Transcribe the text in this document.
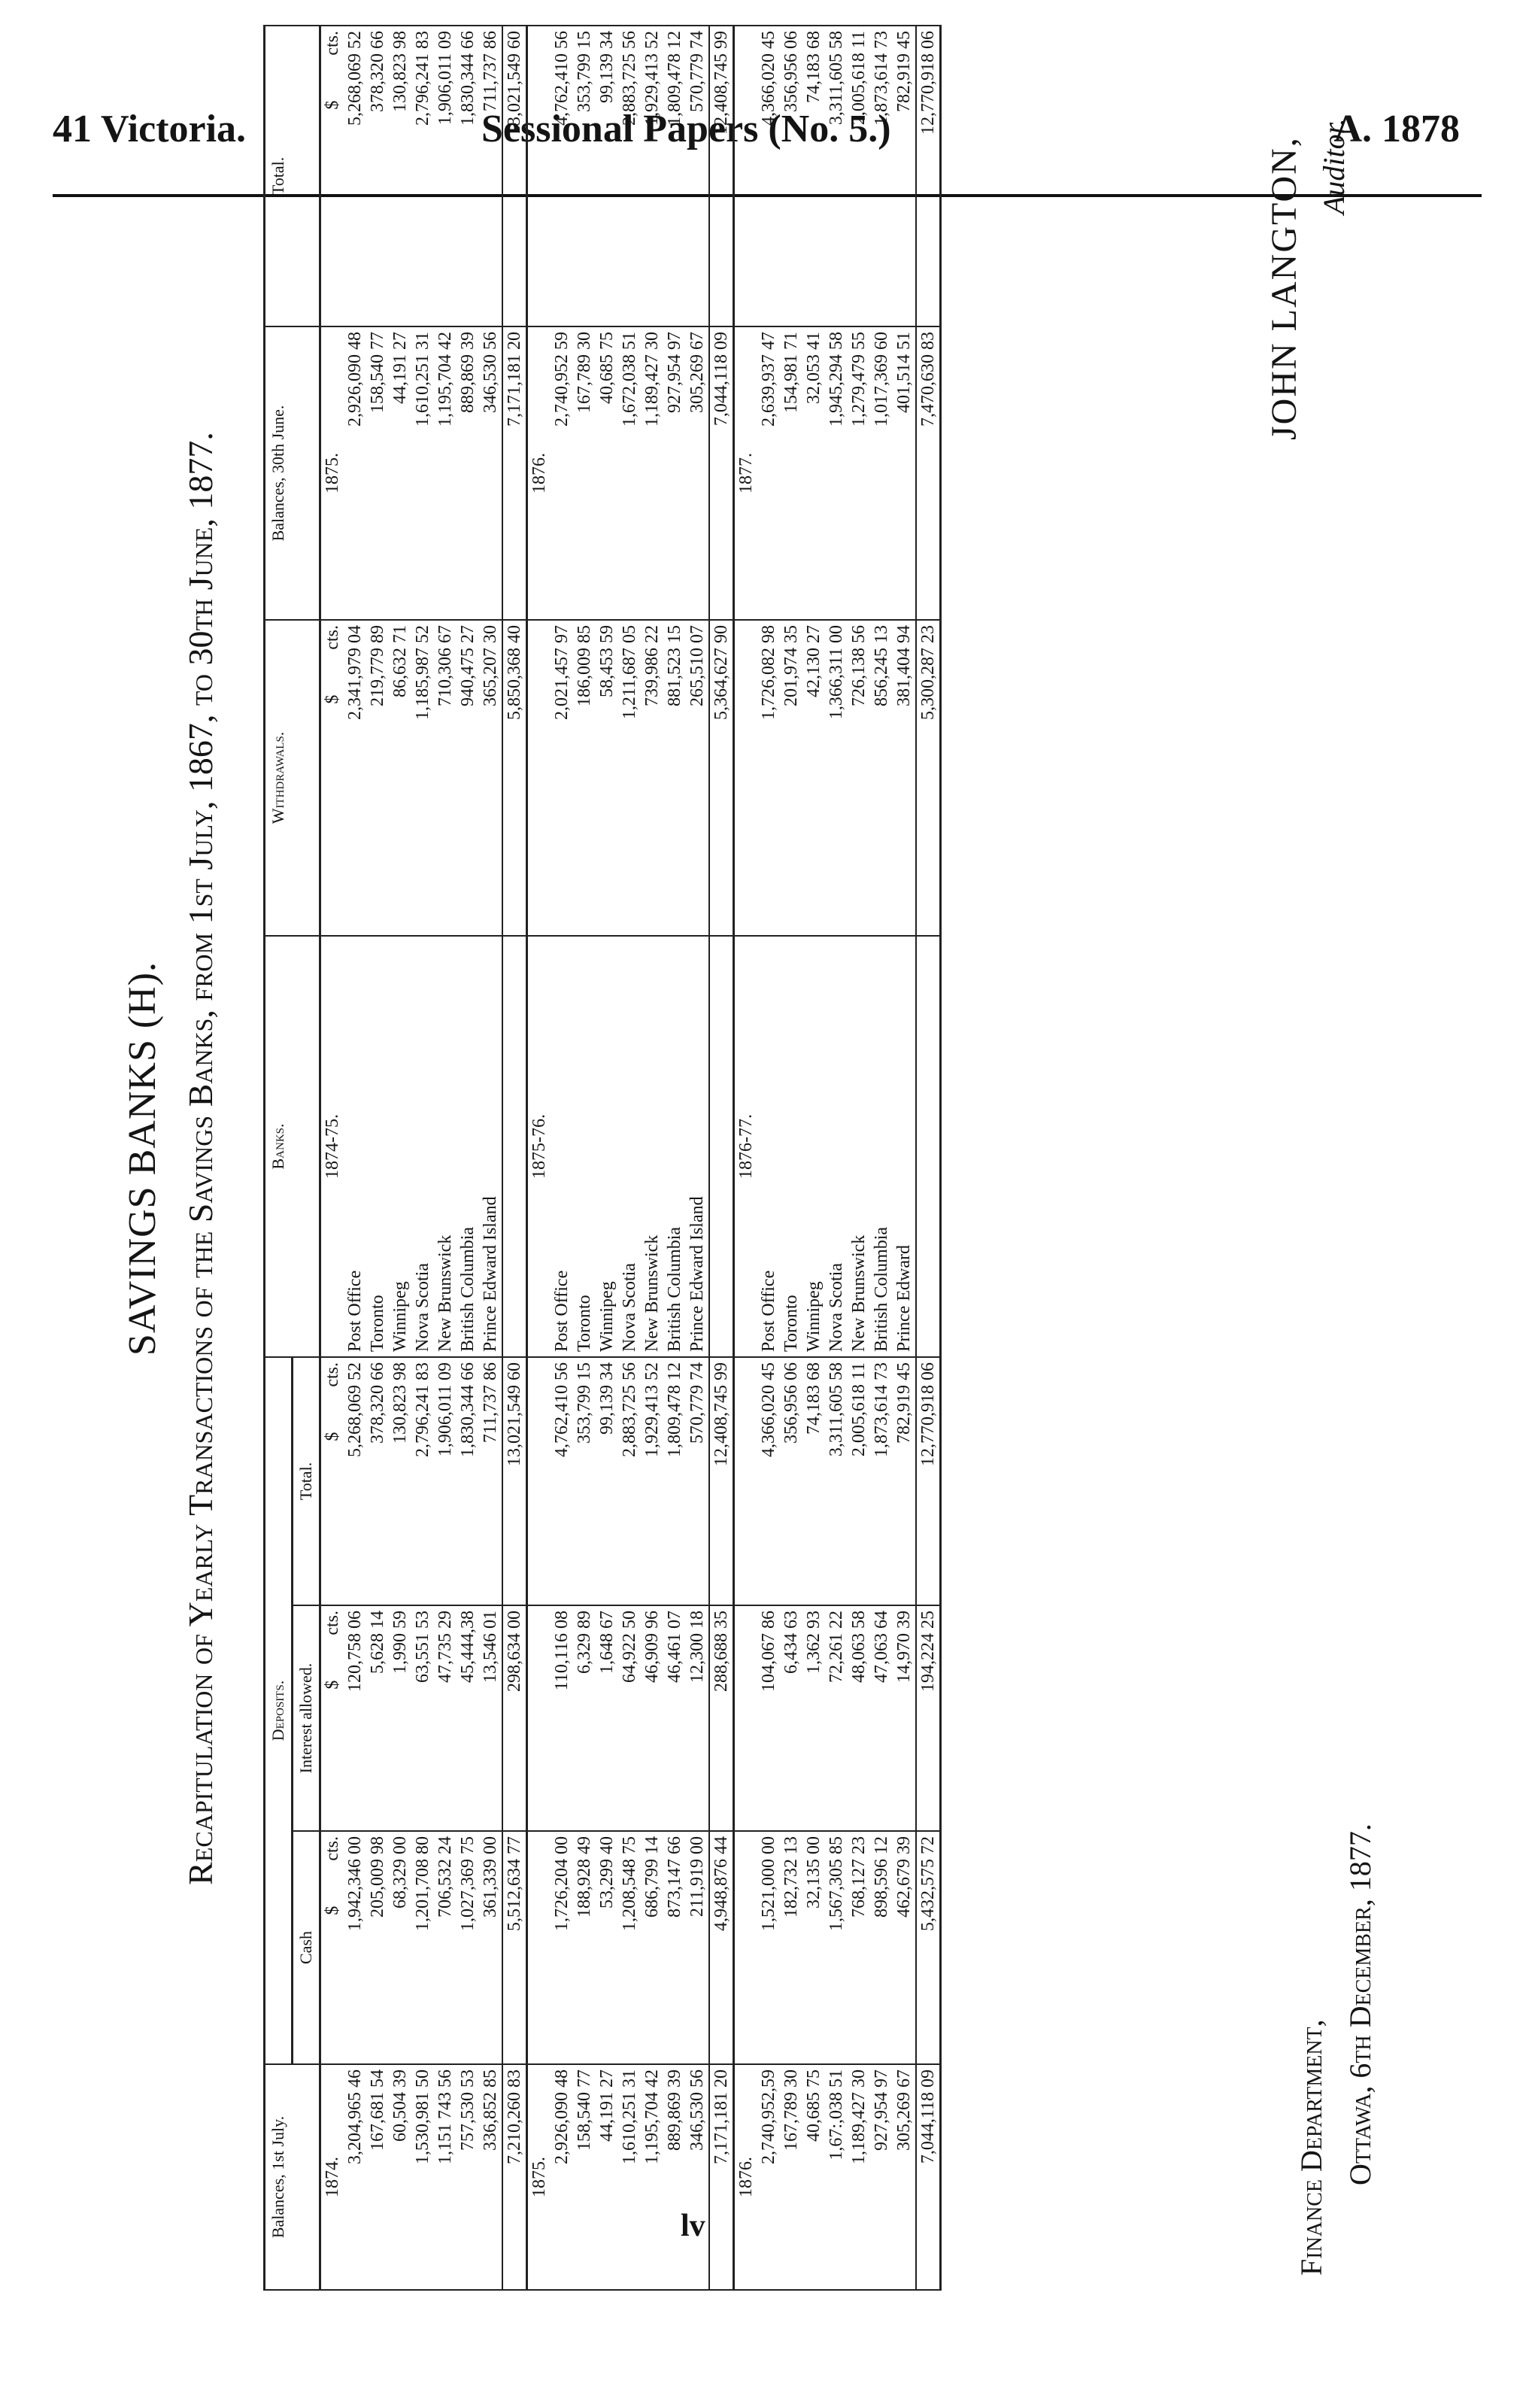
41 Victoria.	Sessional Papers (No. 5.)	A. 1878
SAVINGS BANKS (H). Recapitulation of Yearly Transactions of the Savings Banks, from 1st July, 1867, to 30th June, 1877.
Balances, 1st July.	Deposits.			Banks.	Withdrawals.	Balances, 30th June.	Total.
	Cash	Interest allowed.	Total.				
1874.	$cts.	$cts.	$cts.	1874-75.	$cts.	1875.	$cts.
3,204,965 46	1,942,346 00	120,758 06	5,268,069 52	Post Office	2,341,979 04	2,926,090 48	5,268,069 52
167,681 54	205,009 98	5,628 14	378,320 66	Toronto	219,779 89	158,540 77	378,320 66
60,504 39	68,329 00	1,990 59	130,823 98	Winnipeg	86,632 71	44,191 27	130,823 98
1,530,981 50	1,201,708 80	63,551 53	2,796,241 83	Nova Scotia	1,185,987 52	1,610,251 31	2,796,241 83
1,151 743 56	706,532 24	47,735 29	1,906,011 09	New Brunswick	710,306 67	1,195,704 42	1,906,011 09
757,530 53	1,027,369 75	45,444,38	1,830,344 66	British Columbia	940,475 27	889,869 39	1,830,344 66
336,852 85	361,339 00	13,546 01	711,737 86	Prince Edward Island	365,207 30	346,530 56	711,737 86
7,210,260 83	5,512,634 77	298,634 00	13,021,549 60		5,850,368 40	7,171,181 20	13,021,549 60
1875.				1875-76.		1876.	
2,926,090 48	1,726,204 00	110,116 08	4,762,410 56	Post Office	2,021,457 97	2,740,952 59	4,762,410 56
158,540 77	188,928 49	6,329 89	353,799 15	Toronto	186,009 85	167,789 30	353,799 15
44,191 27	53,299 40	1,648 67	99,139 34	Winnipeg	58,453 59	40,685 75	99,139 34
1,610,251 31	1,208,548 75	64,922 50	2,883,725 56	Nova Scotia	1,211,687 05	1,672,038 51	2,883,725 56
1,195,704 42	686,799 14	46,909 96	1,929,413 52	New Brunswick	739,986 22	1,189,427 30	1,929,413 52
889,869 39	873,147 66	46,461 07	1,809,478 12	British Columbia	881,523 15	927,954 97	1,809,478 12
346,530 56	211,919 00	12,300 18	570,779 74	Prince Edward Island	265,510 07	305,269 67	570,779 74
7,171,181 20	4,948,876 44	288,688 35	12,408,745 99		5,364,627 90	7,044,118 09	12,408,745 99
1876.				1876-77.		1877.	
2,740,952,59	1,521,000 00	104,067 86	4,366,020 45	Post Office	1,726,082 98	2,639,937 47	4,366,020 45
167,789 30	182,732 13	6,434 63	356,956 06	Toronto	201,974 35	154,981 71	356,956 06
40,685 75	32,135 00	1,362 93	74,183 68	Winnipeg	42,130 27	32,053 41	74,183 68
1,67:,038 51	1,567,305 85	72,261 22	3,311,605 58	Nova Scotia	1,366,311 00	1,945,294 58	3,311,605 58
1,189,427 30	768,127 23	48,063 58	2,005,618 11	New Brunswick	726,138 56	1,279,479 55	2,005,618 11
927,954 97	898,596 12	47,063 64	1,873,614 73	British Columbia	856,245 13	1,017,369 60	1,873,614 73
305,269 67	462,679 39	14,970 39	782,919 45	Prince Edward	381,404 94	401,514 51	782,919 45
7,044,118 09	5,432,575 72	194,224 25	12,770,918 06		5,300,287 23	7,470,630 83	12,770,918 06
JOHN LANGTON, Auditor.
Finance Department, Ottawa, 6th December, 1877.
lv
